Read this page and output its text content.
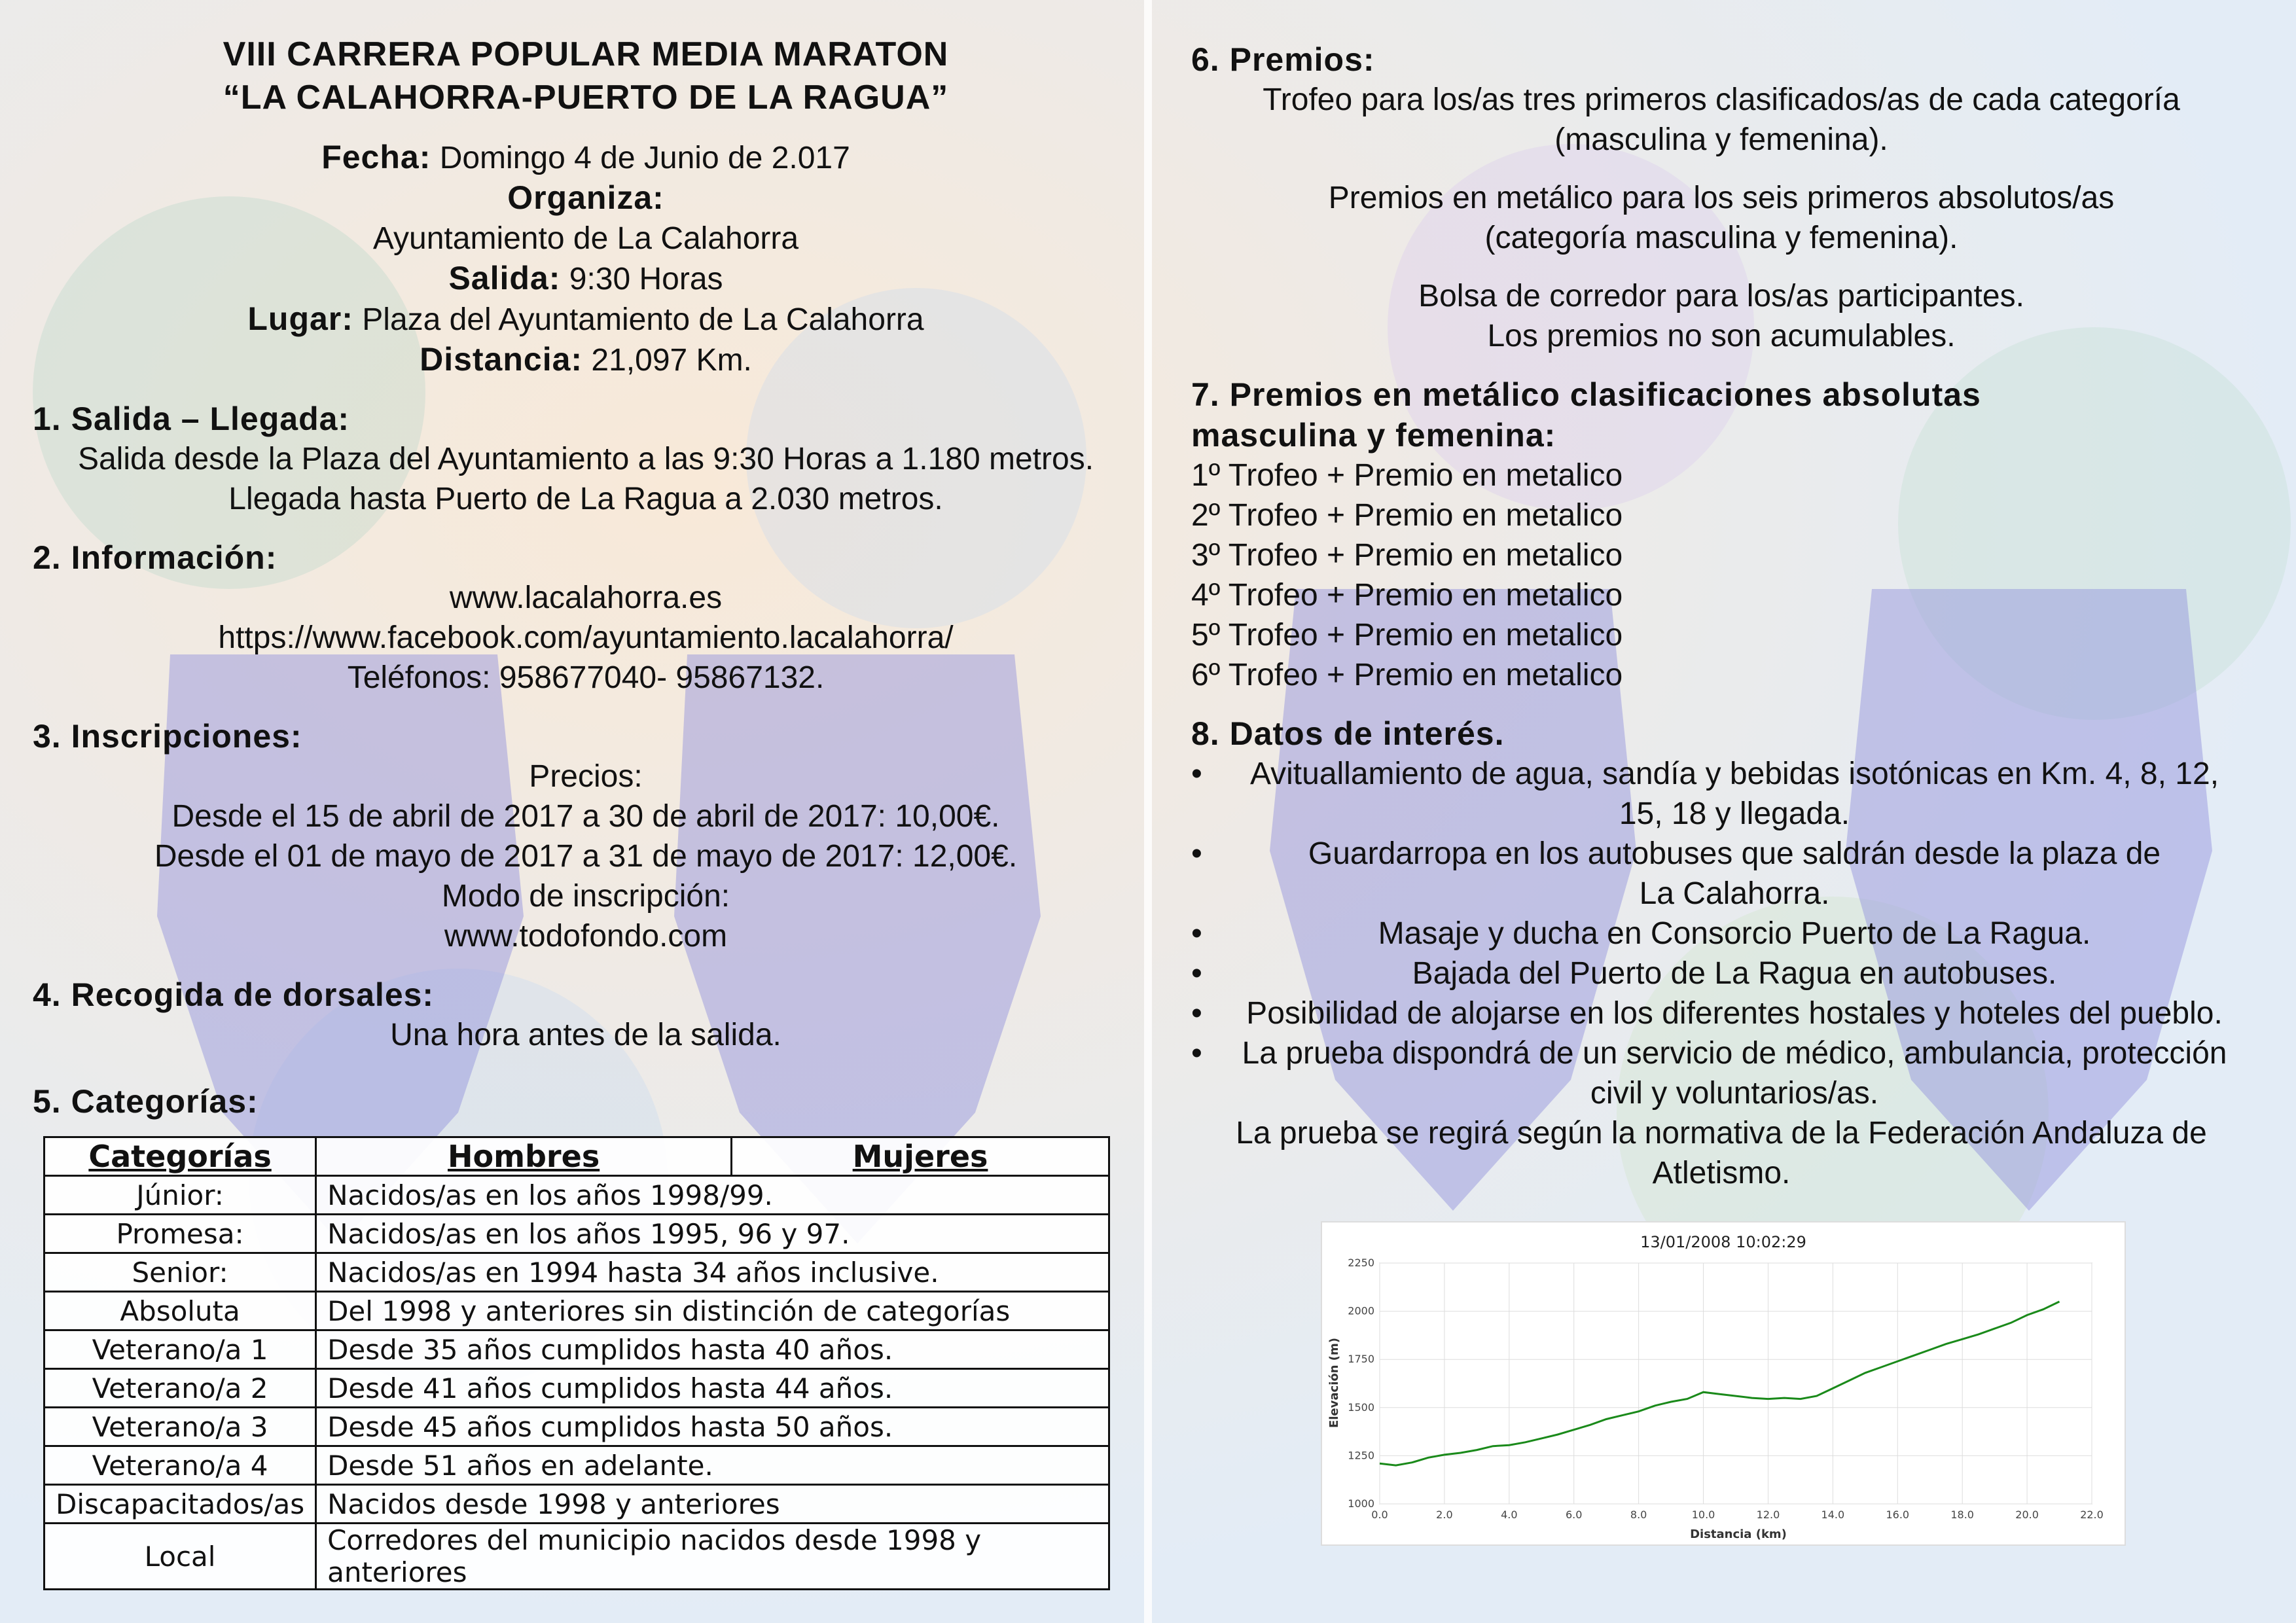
VIII CARRERA POPULAR MEDIA MARATON

“LA CALAHORRA-PUERTO DE LA RAGUA”

Fecha: Domingo 4 de Junio de 2.017
Organiza:
Ayuntamiento de La Calahorra
Salida: 9:30 Horas
Lugar: Plaza del Ayuntamiento de La Calahorra
Distancia: 21,097 Km.

1. Salida – Llegada:

Salida desde la Plaza del Ayuntamiento a las 9:30 Horas a 1.180 metros.
Llegada hasta Puerto de La Ragua a 2.030 metros.

2. Información:

www.lacalahorra.es
https://www.facebook.com/ayuntamiento.lacalahorra/
Teléfonos: 958677040- 95867132.

3. Inscripciones:

Precios:
Desde el 15 de abril de 2017 a 30 de abril de 2017: 10,00€.
Desde el 01 de mayo de 2017 a 31 de mayo de 2017: 12,00€.
Modo de inscripción:
www.todofondo.com

4. Recogida de dorsales:

Una hora antes de la salida.

5. Categorías:

Categorías	Hombres	Mujeres
Júnior:	Nacidos/as en los años 1998/99.	
Promesa:	Nacidos/as en los años 1995, 96 y 97.	
Senior:	Nacidos/as en 1994 hasta 34 años inclusive.	
Absoluta	Del 1998 y anteriores sin distinción de categorías	
Veterano/a 1	Desde 35 años cumplidos hasta 40 años.	
Veterano/a 2	Desde 41 años cumplidos hasta 44 años.	
Veterano/a 3	Desde 45 años cumplidos hasta 50 años.	
Veterano/a 4	Desde 51 años en adelante.	
Discapacitados/as	Nacidos desde 1998 y anteriores	
Local	Corredores del municipio nacidos desde 1998 y anteriores	

6. Premios:

Trofeo para los/as tres primeros clasificados/as de cada categoría
(masculina y femenina).
Premios en metálico para los seis primeros absolutos/as
(categoría masculina y femenina).
Bolsa de corredor para los/as participantes.
Los premios no son acumulables.

7. Premios en metálico clasificaciones absolutas

masculina y femenina:

1º Trofeo + Premio en metalico
2º Trofeo + Premio en metalico
3º Trofeo + Premio en metalico
4º Trofeo + Premio en metalico
5º Trofeo + Premio en metalico
6º Trofeo + Premio en metalico

8. Datos de interés.

•	Avituallamiento de agua, sandía y bebidas isotónicas en Km. 4, 8, 12,
15, 18 y llegada.
•	Guardarropa en los autobuses que saldrán desde la plaza de
La Calahorra.
•	Masaje y ducha en Consorcio Puerto de La Ragua.
•	Bajada del Puerto de La Ragua en autobuses.
•	Posibilidad de alojarse en los diferentes hostales y hoteles del pueblo.
•	La prueba dispondrá de un servicio de médico, ambulancia, protección
civil y voluntarios/as.
La prueba se regirá según la normativa de la Federación Andaluza de
Atletismo.
13/01/2008 10:02:29
0.0	2.0	4.0	6.0	8.0	10.0	12.0	14.0	16.0	18.0	20.0	22.0
1000
1250
1500
1750
2000
2250
Distancia (km)
Elevación (m)
